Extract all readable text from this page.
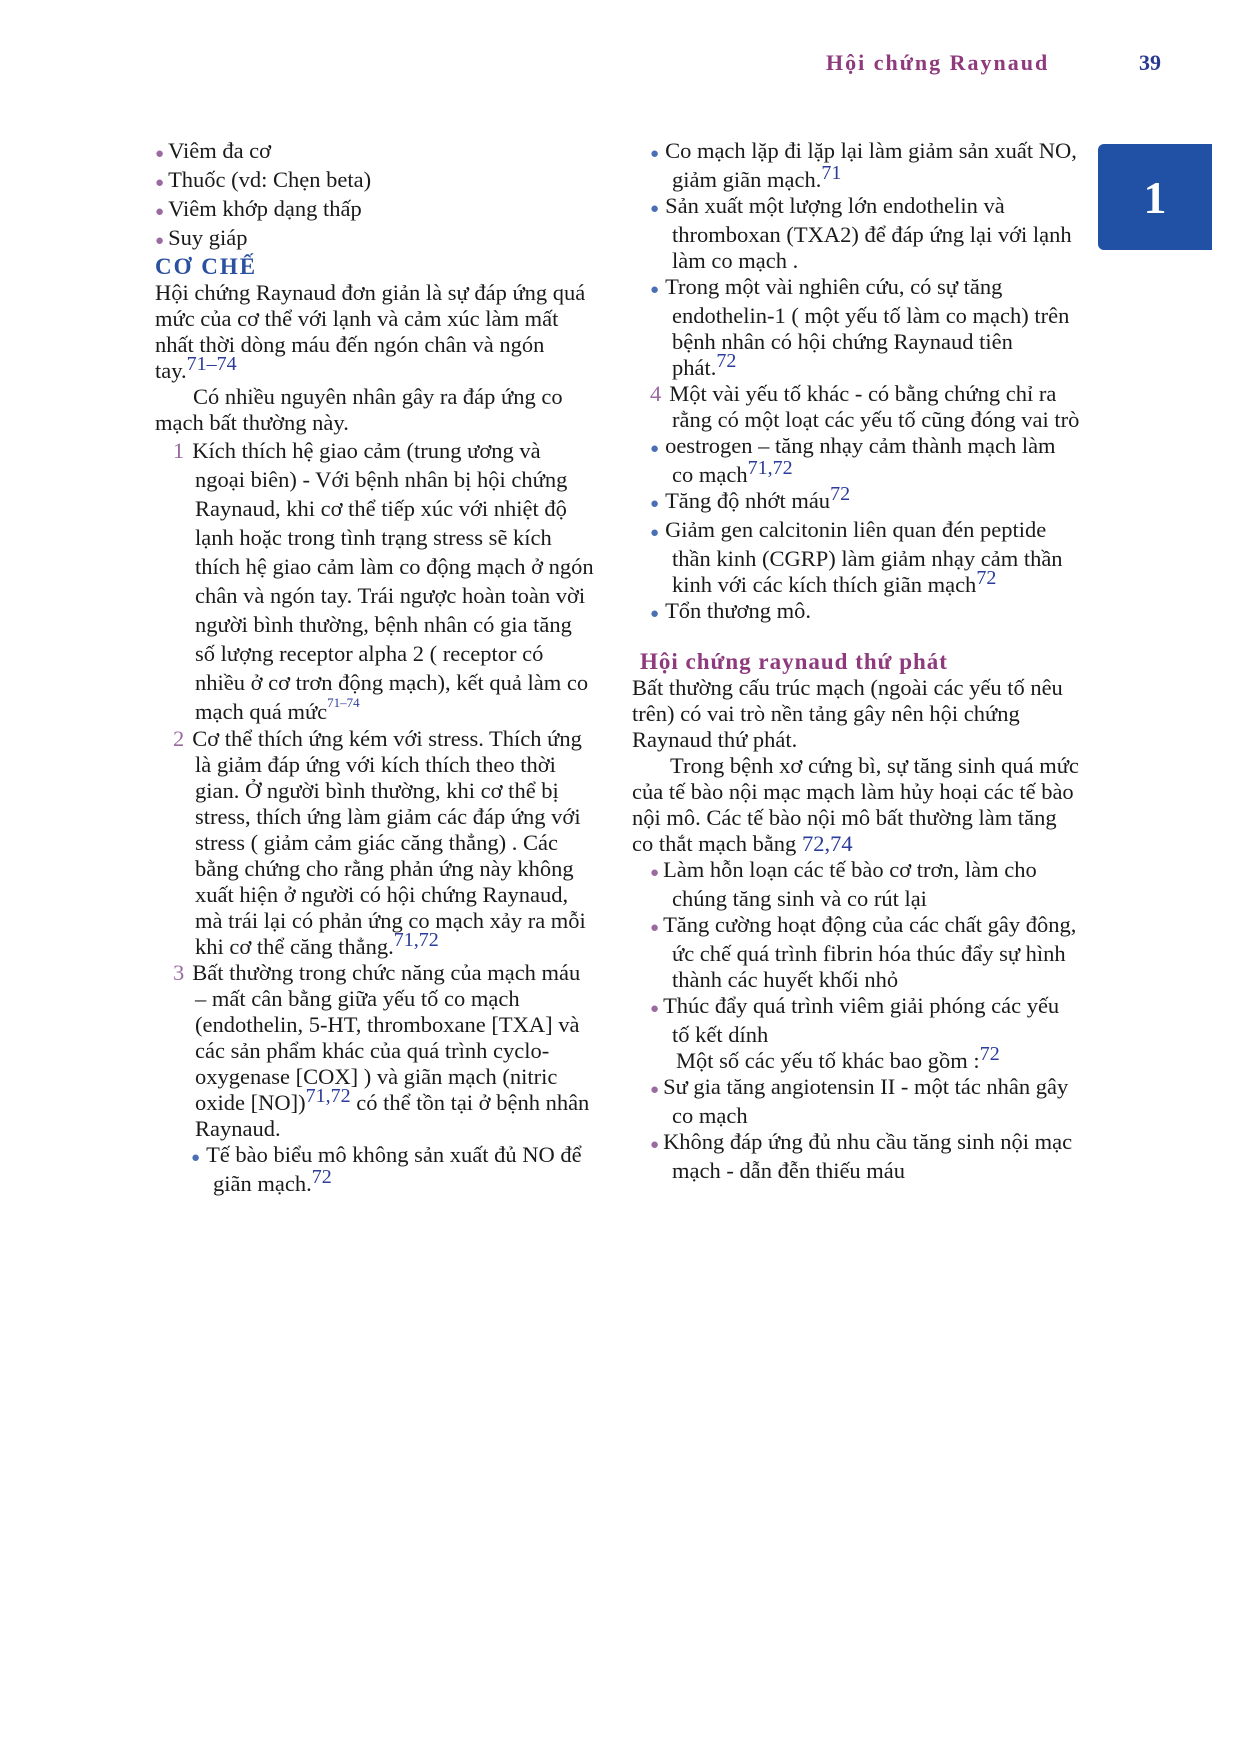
Hội chứng Raynaud	39
1

● Viêm đa cơ

● Thuốc (vd: Chẹn beta)

● Viêm khớp dạng thấp

● Suy giáp

CƠ CHẾ

Hội chứng Raynaud đơn giản là sự đáp ứng quá mức của cơ thể với lạnh và cảm xúc làm mất nhất thời dòng máu đến ngón chân và ngón tay.$^{71-74}$

Có nhiều nguyên nhân gây ra đáp ứng co mạch bất thường này.

1 Kích thích hệ giao cảm (trung ương và ngoại biên) - Với bệnh nhân bị hội chứng Raynaud, khi cơ thể tiếp xúc với nhiệt độ lạnh hoặc trong tình trạng stress sẽ kích thích hệ giao cảm làm co động mạch ở ngón chân và ngón tay. Trái ngược hoàn toàn vời người bình thường, bệnh nhân có gia tăng số lượng receptor alpha 2 ( receptor có nhiều ở cơ trơn động mạch), kết quả làm co mạch quá mức$^{71-74}$

2 Cơ thể thích ứng kém với stress. Thích ứng là giảm đáp ứng với kích thích theo thời gian. Ở người bình thường, khi cơ thể bị stress, thích ứng làm giảm các đáp ứng với stress ( giảm cảm giác căng thẳng) . Các bằng chứng cho rằng phản ứng này không xuất hiện ở người có hội chứng Raynaud, mà trái lại có phản ứng co mạch xảy ra mỗi khi cơ thể căng thẳng.$^{71,72}$

3 Bất thường trong chức năng của mạch máu – mất cân bằng giữa yếu tố co mạch (endothelin, 5-HT, thromboxane [TXA] và các sản phẩm khác của quá trình cyclo-oxygenase [COX] ) và giãn mạch (nitric oxide [NO])$^{71,72}$ có thể tồn tại ở bệnh nhân Raynaud.

● Tế bào biểu mô không sản xuất đủ NO để giãn mạch.$^{72}$

● Co mạch lặp đi lặp lại làm giảm sản xuất NO, giảm giãn mạch.$^{71}$

● Sản xuất một lượng lớn endothelin và thromboxan (TXA2) để đáp ứng lại với lạnh làm co mạch .

● Trong một vài nghiên cứu, có sự tăng endothelin-1 ( một yếu tố làm co mạch) trên bệnh nhân có hội chứng Raynaud tiên phát.$^{72}$

4 Một vài yếu tố khác - có bằng chứng chỉ ra rằng có một loạt các yếu tố cũng đóng vai trò

● oestrogen – tăng nhạy cảm thành mạch làm co mạch$^{71,72}$

● Tăng độ nhớt máu$^{72}$

● Giảm gen calcitonin liên quan đén peptide thần kinh (CGRP) làm giảm nhạy cảm thần kinh với các kích thích giãn mạch$^{72}$

● Tổn thương mô.

Hội chứng raynaud thứ phát

Bất thường cấu trúc mạch (ngoài các yếu tố nêu trên) có vai trò nền tảng gây nên hội chứng Raynaud thứ phát.

Trong bệnh xơ cứng bì, sự tăng sinh quá mức của tế bào nội mạc mạch làm hủy hoại các tế bào nội mô. Các tế bào nội mô bất thường làm tăng co thắt mạch bằng 72,74

● Làm hỗn loạn các tế bào cơ trơn, làm cho chúng tăng sinh và co rút lại

● Tăng cường hoạt động của các chất gây đông, ức chế quá trình fibrin hóa thúc đẩy sự hình thành các huyết khối nhỏ

● Thúc đẩy quá trình viêm giải phóng các yếu tố kết dính

Một số các yếu tố khác bao gồm :$^{72}$

● Sư gia tăng angiotensin II - một tác nhân gây co mạch

● Không đáp ứng đủ nhu cầu tăng sinh nội mạc mạch - dẫn đễn thiếu máu
